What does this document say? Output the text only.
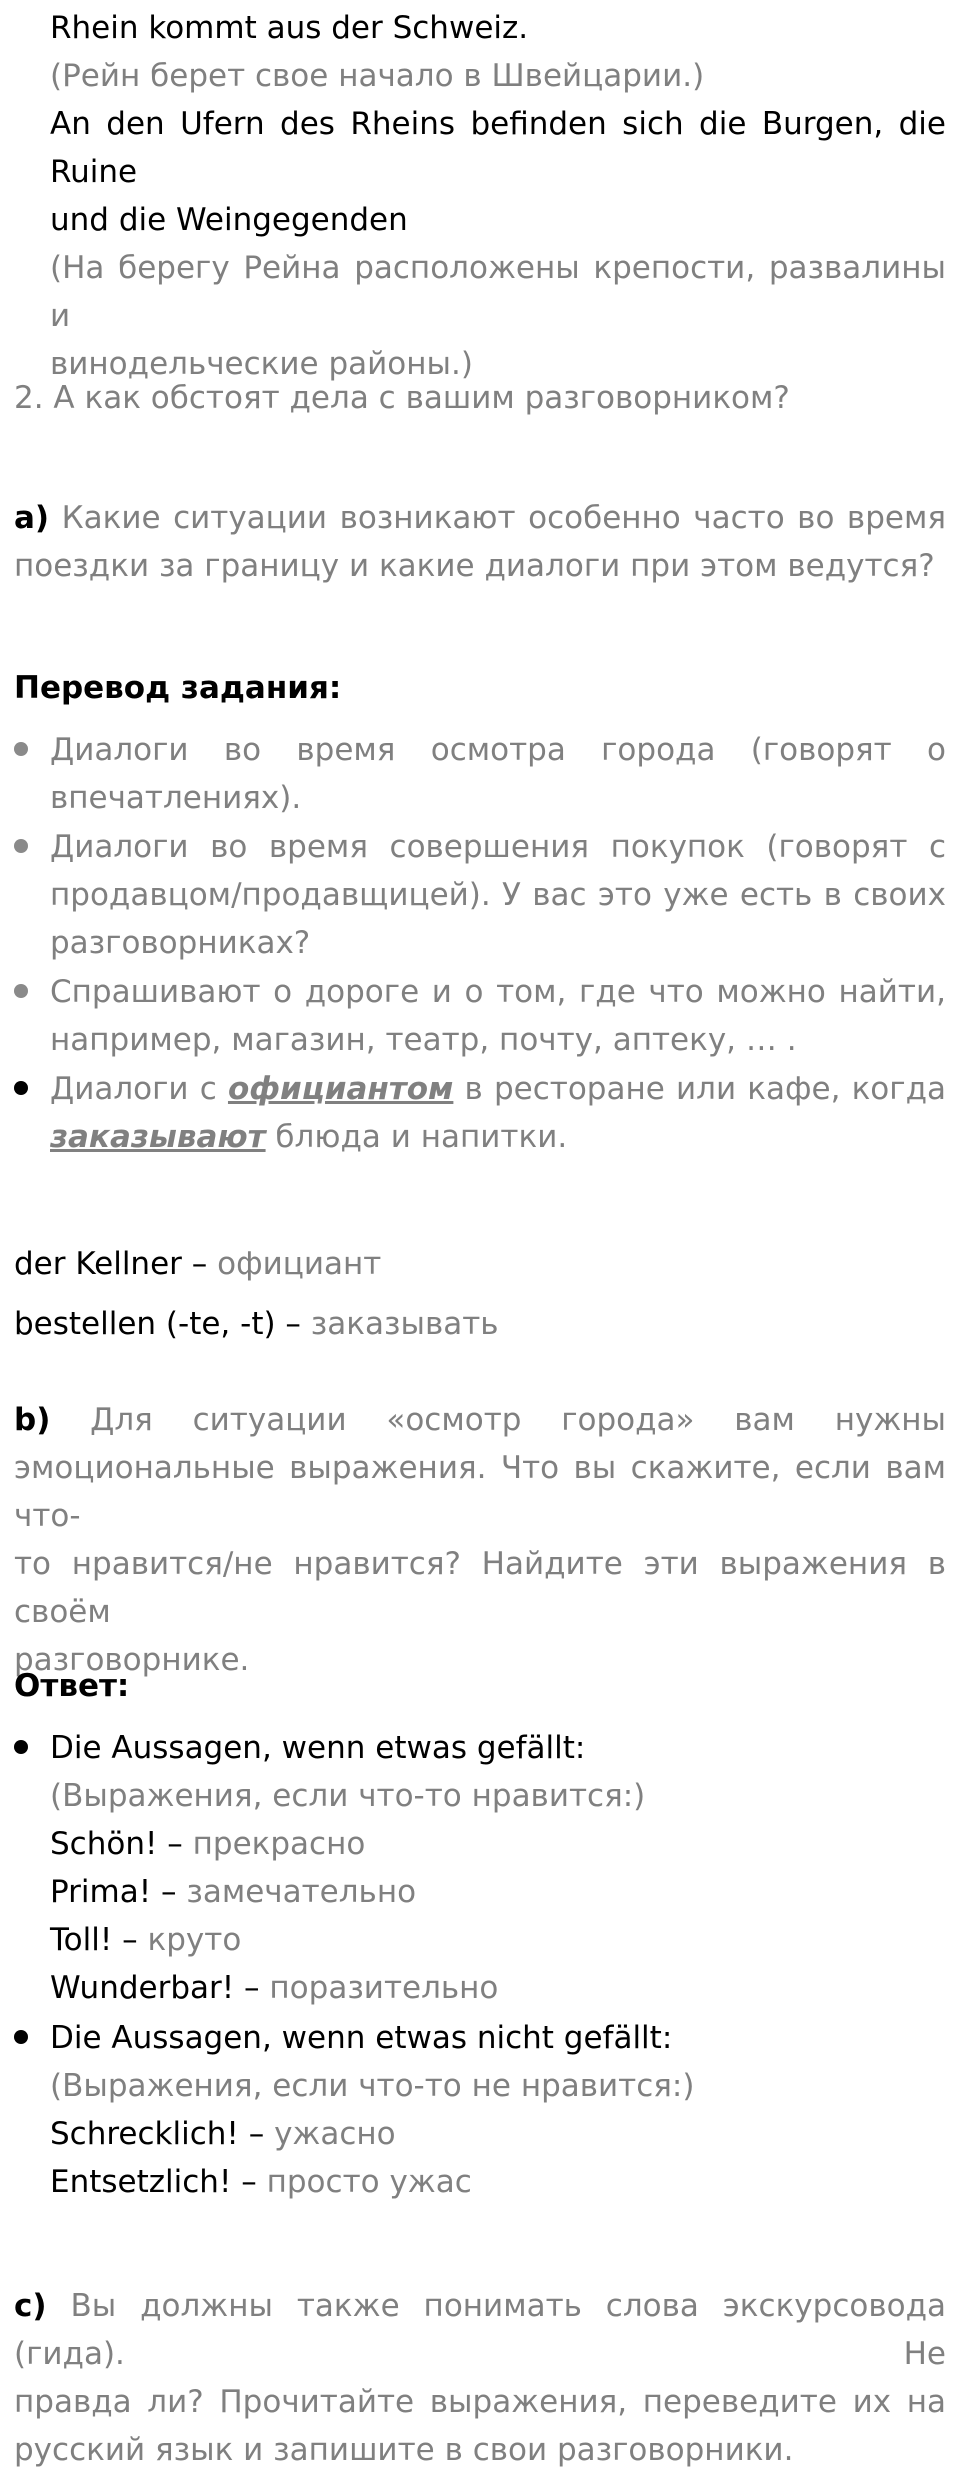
Rhein kommt aus der Schweiz.
(Рейн берет свое начало в Швейцарии.)
An den Ufern des Rheins befinden sich die Burgen, die Ruine
und die Weingegenden
(На берегу Рейна расположены крепости, развалины и
винодельческие районы.)
2. А как обстоят дела с вашим разговорником?
a) Какие ситуации возникают особенно часто во время
поездки за границу и какие диалоги при этом ведутся?
Перевод задания:
Диалоги во время осмотра города (говорят о
впечатлениях).
Диалоги во время совершения покупок (говорят с
продавцом/продавщицей). У вас это уже есть в своих
разговорниках?
Спрашивают о дороге и о том, где что можно найти,
например, магазин, театр, почту, аптеку, … .
Диалоги с официантом в ресторане или кафе, когда
заказывают блюда и напитки.
der Kellner – официант
bestellen (-te, -t) – заказывать
b) Для ситуации «осмотр города» вам нужны
эмоциональные выражения. Что вы скажите, если вам что-
то нравится/не нравится? Найдите эти выражения в своём
разговорнике.
Ответ:
Die Aussagen, wenn etwas gefällt:
(Выражения, если что-то нравится:)
Schön! – прекрасно
Prima! – замечательно
Toll! – круто
Wunderbar! – поразительно
Die Aussagen, wenn etwas nicht gefällt:
(Выражения, если что-то не нравится:)
Schrecklich! – ужасно
Entsetzlich! – просто ужас
c) Вы должны также понимать слова экскурсовода (гида). Не
правда ли? Прочитайте выражения, переведите их на
русский язык и запишите в свои разговорники.
